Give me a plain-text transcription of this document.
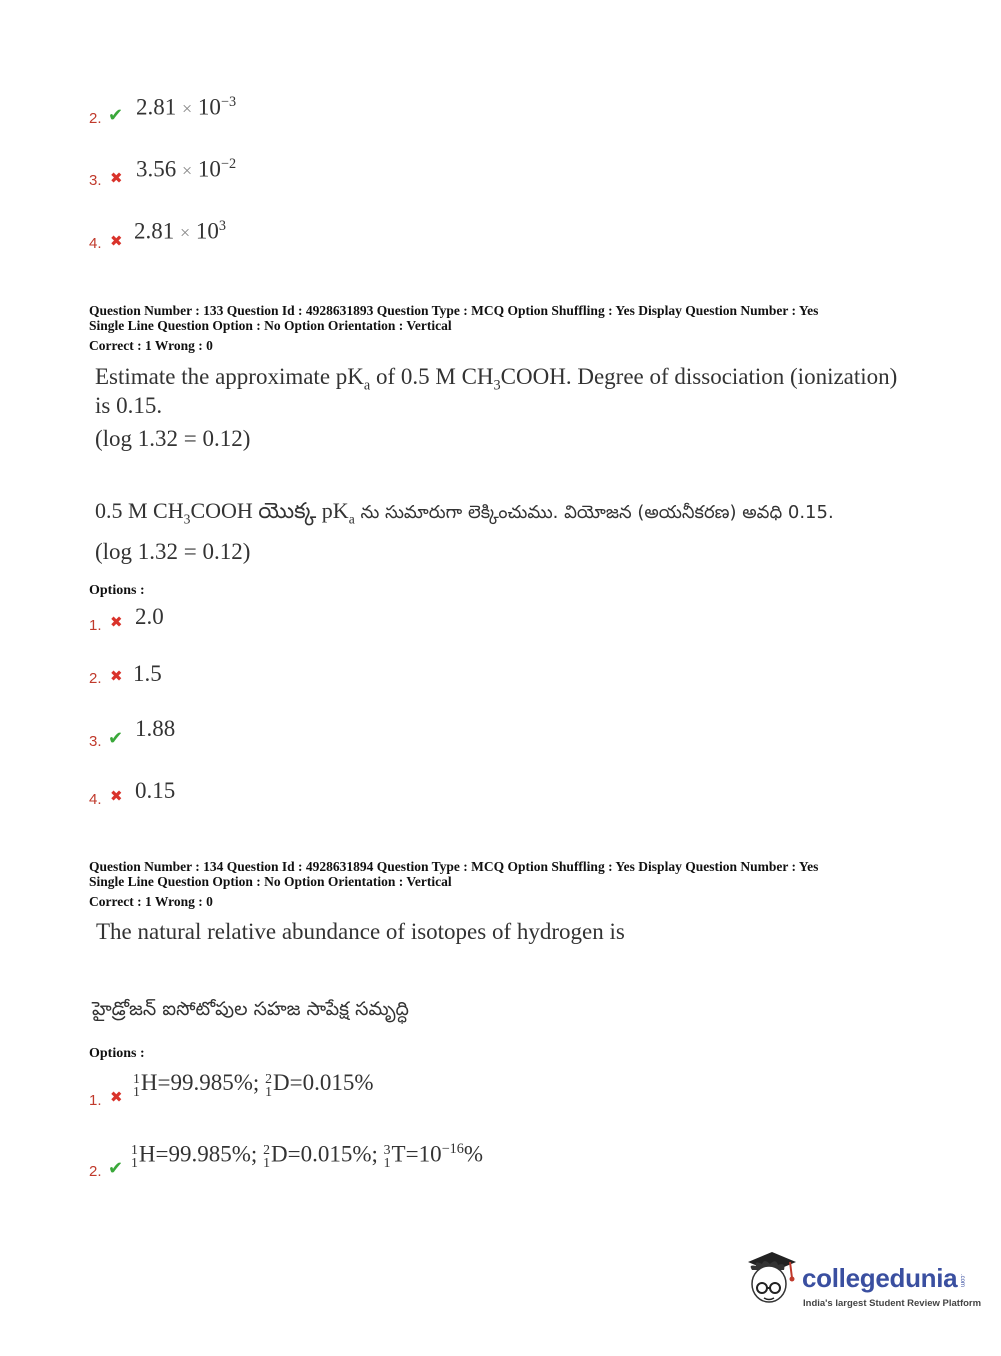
2. ✔ $2.81 \times 10^{-3}$
3. ✖ $3.56 \times 10^{-2}$
4. ✖ $2.81 \times 10^3$
Question Number : 133 Question Id : 4928631893 Question Type : MCQ Option Shuffling : Yes Display Question Number : Yes
Single Line Question Option : No Option Orientation : Vertical
Correct : 1 Wrong : 0
Estimate the approximate $pK_a$ of 0.5 M $CH_3COOH$. Degree of dissociation (ionization)
is 0.15.
(log 1.32 = 0.12)
0.5 M $CH_3COOH$ యొక్క $pK_a$ ను సుమారుగా లెక్కించుము. వియోజన (అయనీకరణ) అవధి 0.15.
(log 1.32 = 0.12)
Options :
1. ✖ 2.0
2. ✖ 1.5
3. ✔ 1.88
4. ✖ 0.15
Question Number : 134 Question Id : 4928631894 Question Type : MCQ Option Shuffling : Yes Display Question Number : Yes
Single Line Question Option : No Option Orientation : Vertical
Correct : 1 Wrong : 0
The natural relative abundance of isotopes of hydrogen is
హైడ్రోజన్ ఐసోటోపుల సహజ సాపేక్ష సమృద్ధి
Options :
1. ✖
1
1H=99.985%; 2
1D=0.015%
2. ✔
1
1H=99.985%; 2
1D=0.015%; 3
$1T=10^{-16}\%$
collegedunia .com
India's largest Student Review Platform
